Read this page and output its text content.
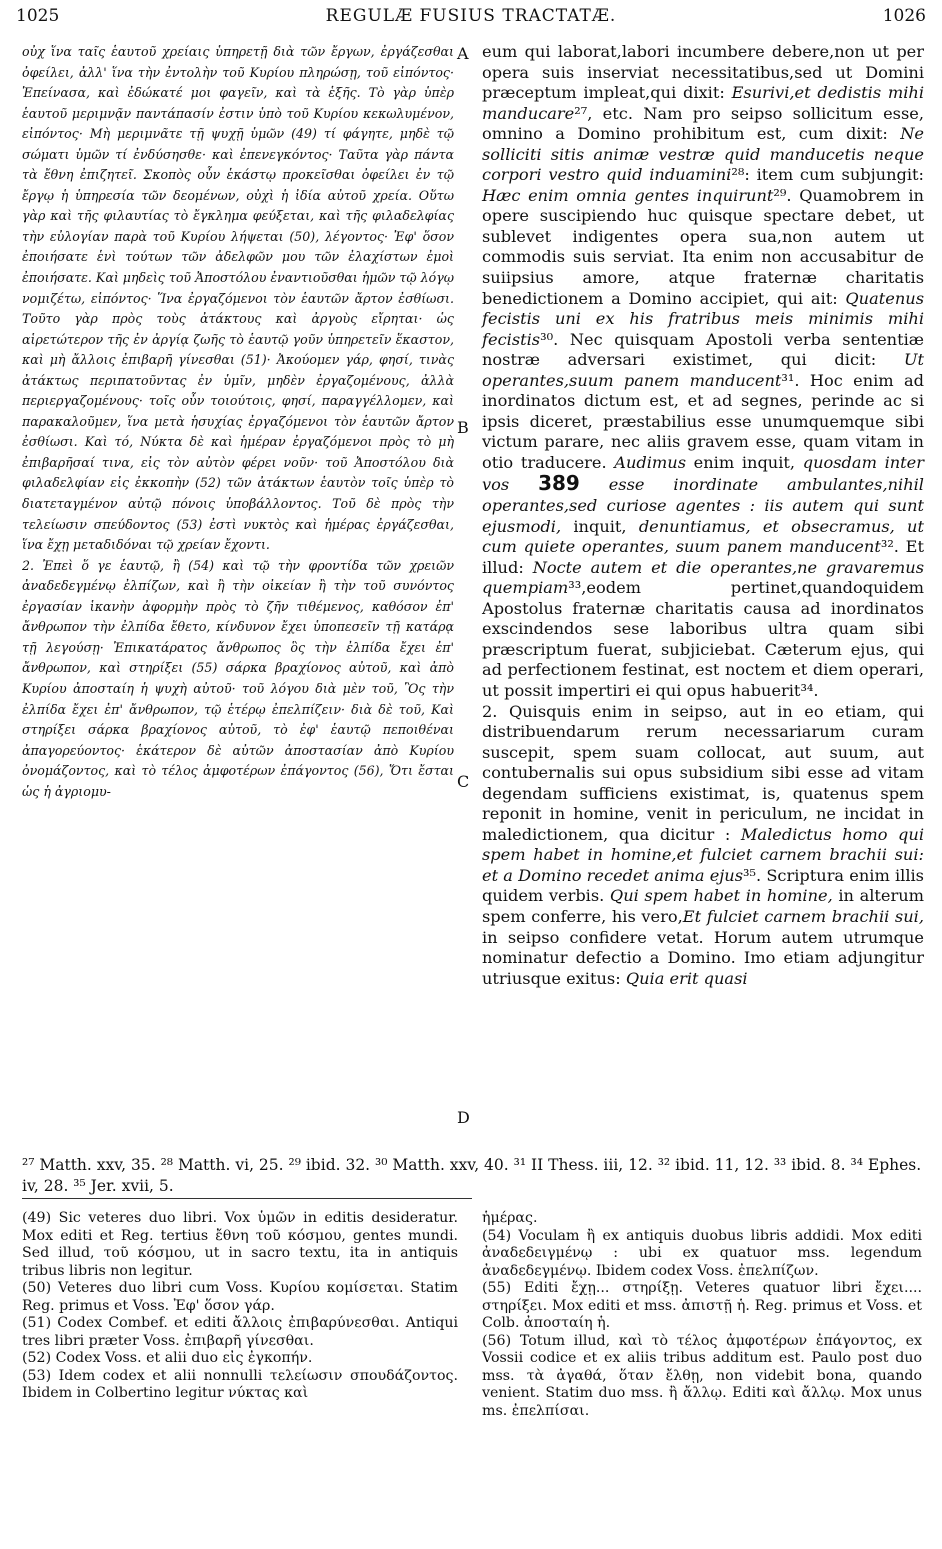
1025	REGULÆ FUSIUS TRACTATÆ.	1026

οὐχ ἵνα ταῖς ἑαυτοῦ χρείαις ὑπηρετῇ διὰ τῶν ἔργων, ἐργάζεσθαι ὀφείλει, ἀλλ' ἵνα τὴν ἐντολὴν τοῦ Κυρίου πληρώσῃ, τοῦ εἰπόντος· Ἐπείνασα, καὶ ἐδώκατέ μοι φαγεῖν, καὶ τὰ ἑξῆς. Τὸ γὰρ ὑπὲρ ἑαυτοῦ μεριμνᾷν παντάπασίν ἐστιν ὑπὸ τοῦ Κυρίου κεκωλυμένον, εἰπόντος· Μὴ μεριμνᾶτε τῇ ψυχῇ ὑμῶν (49) τί φάγητε, μηδὲ τῷ σώματι ὑμῶν τί ἐνδύσησθε· καὶ ἐπενεγκόντος· Ταῦτα γὰρ πάντα τὰ ἔθνη ἐπιζητεῖ. Σκοπὸς οὖν ἑκάστῳ προκεῖσθαι ὀφείλει ἐν τῷ ἔργῳ ἡ ὑπηρεσία τῶν δεομένων, οὐχὶ ἡ ἰδία αὐτοῦ χρεία. Οὕτω γὰρ καὶ τῆς φιλαυτίας τὸ ἔγκλημα φεύξεται, καὶ τῆς φιλαδελφίας τὴν εὐλογίαν παρὰ τοῦ Κυρίου λήψεται (50), λέγοντος· Ἐφ' ὅσον ἐποιήσατε ἑνὶ τούτων τῶν ἀδελφῶν μου τῶν ἐλαχίστων ἐμοὶ ἐποιήσατε. Καὶ μηδεὶς τοῦ Ἀποστόλου ἐναντιοῦσθαι ἡμῶν τῷ λόγῳ νομιζέτω, εἰπόντος· Ἵνα ἐργαζόμενοι τὸν ἑαυτῶν ἄρτον ἐσθίωσι. Τοῦτο γὰρ πρὸς τοὺς ἀτάκτους καὶ ἀργοὺς εἴρηται· ὡς αἱρετώτερον τῆς ἐν ἀργίᾳ ζωῆς τὸ ἑαυτῷ γοῦν ὑπηρετεῖν ἕκαστον, καὶ μὴ ἄλλοις ἐπιβαρῆ γίνεσθαι (51)· Ἀκούομεν γάρ, φησί, τινὰς ἀτάκτως περιπατοῦντας ἐν ὑμῖν, μηδὲν ἐργαζομένους, ἀλλὰ περιεργαζομένους· τοῖς οὖν τοιούτοις, φησί, παραγγέλλομεν, καὶ παρακαλοῦμεν, ἵνα μετὰ ἡσυχίας ἐργαζόμενοι τὸν ἑαυτῶν ἄρτον ἐσθίωσι. Καὶ τό, Νύκτα δὲ καὶ ἡμέραν ἐργαζόμενοι πρὸς τὸ μὴ ἐπιβαρῆσαί τινα, εἰς τὸν αὐτὸν φέρει νοῦν· τοῦ Ἀποστόλου διὰ φιλαδελφίαν εἰς ἐκκοπὴν (52) τῶν ἀτάκτων ἑαυτὸν τοῖς ὑπὲρ τὸ διατεταγμένον αὐτῷ πόνοις ὑποβάλλοντος. Τοῦ δὲ πρὸς τὴν τελείωσιν σπεύδοντος (53) ἐστὶ νυκτὸς καὶ ἡμέρας ἐργάζεσθαι, ἵνα ἔχῃ μεταδιδόναι τῷ χρείαν ἔχοντι.

2. Ἐπεὶ ὅ γε ἑαυτῷ, ἢ (54) καὶ τῷ τὴν φροντίδα τῶν χρειῶν ἀναδεδεγμένῳ ἐλπίζων, καὶ ἢ τὴν οἰκείαν ἢ τὴν τοῦ συνόντος ἐργασίαν ἱκανὴν ἀφορμὴν πρὸς τὸ ζῆν τιθέμενος, καθόσον ἐπ' ἄνθρωπον τὴν ἐλπίδα ἔθετο, κίνδυνον ἔχει ὑποπεσεῖν τῇ κατάρᾳ τῇ λεγούσῃ· Ἐπικατάρατος ἄνθρωπος ὃς τὴν ἐλπίδα ἔχει ἐπ' ἄνθρωπον, καὶ στηρίξει (55) σάρκα βραχίονος αὐτοῦ, καὶ ἀπὸ Κυρίου ἀποσταίη ἡ ψυχὴ αὐτοῦ· τοῦ λόγου διὰ μὲν τοῦ, Ὃς τὴν ἐλπίδα ἔχει ἐπ' ἄνθρωπον, τῷ ἑτέρῳ ἐπελπίζειν· διὰ δὲ τοῦ, Καὶ στηρίξει σάρκα βραχίονος αὐτοῦ, τὸ ἐφ' ἑαυτῷ πεποιθέναι ἀπαγορεύοντος· ἑκάτερον δὲ αὐτῶν ἀποστασίαν ἀπὸ Κυρίου ὀνομάζοντος, καὶ τὸ τέλος ἀμφοτέρων ἐπάγοντος (56), Ὅτι ἔσται ὡς ἡ ἀγριομυ-

A
B
C
D

eum qui laborat,labori incumbere debere,non ut per opera suis inserviat necessitatibus,sed ut Domini præceptum impleat,qui dixit: Esurivi,et dedistis mihi manducare²⁷, etc. Nam pro seipso sollicitum esse, omnino a Domino prohibitum est, cum dixit: Ne solliciti sitis animæ vestræ quid manducetis neque corpori vestro quid induamini²⁸: item cum subjungit: Hæc enim omnia gentes inquirunt²⁹. Quamobrem in opere suscipiendo huc quisque spectare debet, ut sublevet indigentes opera sua,non autem ut commodis suis serviat. Ita enim non accusabitur de suiipsius amore, atque fraternæ charitatis benedictionem a Domino accipiet, qui ait: Quatenus fecistis uni ex his fratribus meis minimis mihi fecistis³⁰. Nec quisquam Apostoli verba sententiæ nostræ adversari existimet, qui dicit: Ut operantes,suum panem manducent³¹. Hoc enim ad inordinatos dictum est, et ad segnes, perinde ac si ipsis diceret, præstabilius esse unumquemque sibi victum parare, nec aliis gravem esse, quam vitam in otio traducere. Audimus enim inquit, quosdam inter vos 389 esse inordinate ambulantes,nihil operantes,sed curiose agentes : iis autem qui sunt ejusmodi, inquit, denuntiamus, et obsecramus, ut cum quiete operantes, suum panem manducent³². Et illud: Nocte autem et die operantes,ne gravaremus quempiam³³,eodem pertinet,quandoquidem Apostolus fraternæ charitatis causa ad inordinatos exscindendos sese laboribus ultra quam sibi præscriptum fuerat, subjiciebat. Cæterum ejus, qui ad perfectionem festinat, est noctem et diem operari, ut possit impertiri ei qui opus habuerit³⁴.

2. Quisquis enim in seipso, aut in eo etiam, qui distribuendarum rerum necessariarum curam suscepit, spem suam collocat, aut suum, aut contubernalis sui opus subsidium sibi esse ad vitam degendam sufficiens existimat, is, quatenus spem reponit in homine, venit in periculum, ne incidat in maledictionem, qua dicitur : Maledictus homo qui spem habet in homine,et fulciet carnem brachii sui: et a Domino recedet anima ejus³⁵. Scriptura enim illis quidem verbis. Qui spem habet in homine, in alterum spem conferre, his vero,Et fulciet carnem brachii sui, in seipso confidere vetat. Horum autem utrumque nominatur defectio a Domino. Imo etiam adjungitur utriusque exitus: Quia erit quasi

²⁷ Matth. xxv, 35. ²⁸ Matth. vi, 25. ²⁹ ibid. 32. ³⁰ Matth. xxv, 40. ³¹ II Thess. iii, 12. ³² ibid. 11, 12. ³³ ibid. 8. ³⁴ Ephes. iv, 28. ³⁵ Jer. xvii, 5.

(49) Sic veteres duo libri. Vox ὑμῶν in editis desideratur. Mox editi et Reg. tertius ἔθνη τοῦ κόσμου, gentes mundi. Sed illud, τοῦ κόσμου, ut in sacro textu, ita in antiquis tribus libris non legitur.

(50) Veteres duo libri cum Voss. Κυρίου κομίσεται. Statim Reg. primus et Voss. Ἐφ' ὅσον γάρ.

(51) Codex Combef. et editi ἄλλοις ἐπιβαρύνεσθαι. Antiqui tres libri præter Voss. ἐπιβαρῆ γίνεσθαι.

(52) Codex Voss. et alii duo εἰς ἐγκοπήν.

(53) Idem codex et alii nonnulli τελείωσιν σπουδάζοντος. Ibidem in Colbertino legitur νύκτας καὶ

ἡμέρας.

(54) Voculam ἢ ex antiquis duobus libris addidi. Mox editi ἀναδεδειγμένῳ : ubi ex quatuor mss. legendum ἀναδεδεγμένῳ. Ibidem codex Voss. ἐπελπίζων.

(55) Editi ἔχῃ... στηρίξῃ. Veteres quatuor libri ἔχει.... στηρίξει. Mox editi et mss. ἀπιστῇ ἡ. Reg. primus et Voss. et Colb. ἀποσταίη ἡ.

(56) Totum illud, καὶ τὸ τέλος ἀμφοτέρων ἐπάγοντος, ex Vossii codice et ex aliis tribus additum est. Paulo post duo mss. τὰ ἀγαθά, ὅταν ἔλθῃ, non videbit bona, quando venient. Statim duo mss. ἢ ἄλλῳ. Editi καὶ ἄλλῳ. Mox unus ms. ἐπελπίσαι.
